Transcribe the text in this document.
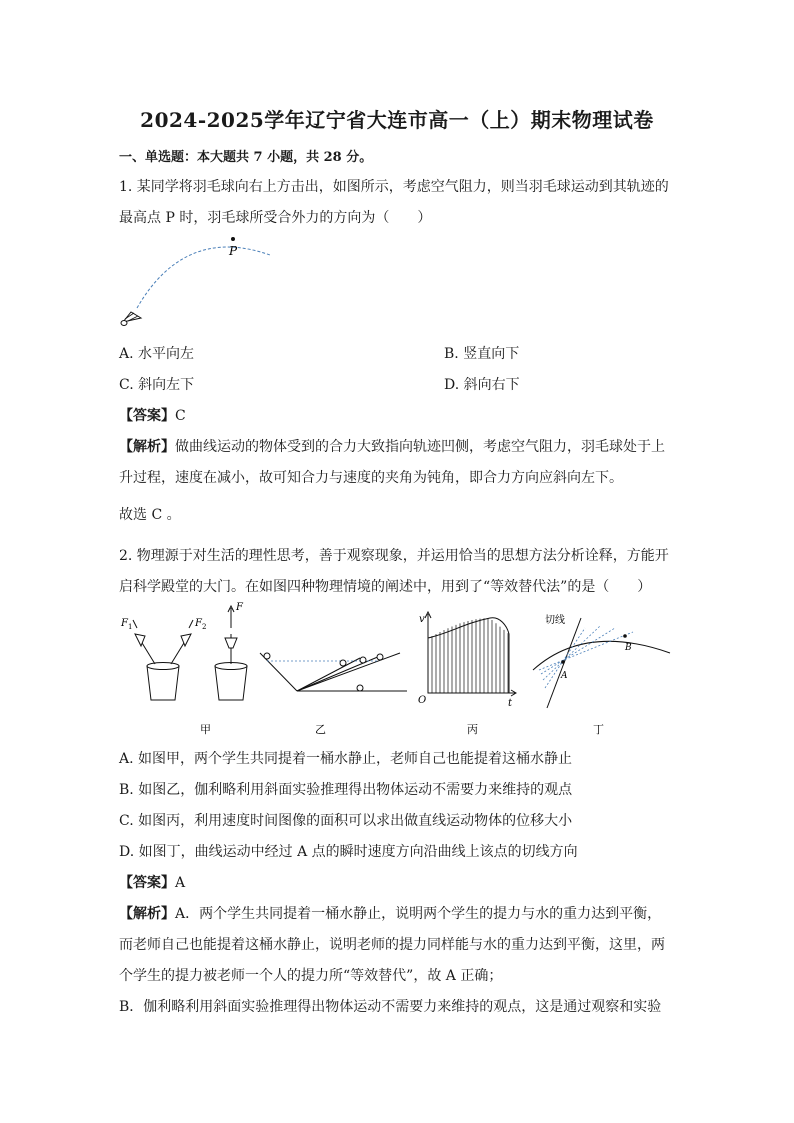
2024-2025学年辽宁省大连市高一（上）期末物理试卷
一、单选题：本大题共 7 小题，共 28 分。
1. 某同学将羽毛球向右上方击出，如图所示，考虑空气阻力，则当羽毛球运动到其轨迹的
最高点 P 时，羽毛球所受合外力的方向为（　　）
P
A. 水平向左	B. 竖直向下
C. 斜向左下	D. 斜向右下
【答案】C
【解析】做曲线运动的物体受到的合力大致指向轨迹凹侧，考虑空气阻力，羽毛球处于上
升过程，速度在减小，故可知合力与速度的夹角为钝角，即合力方向应斜向左下。
故选 C 。
2. 物理源于对生活的理性思考，善于观察现象，并运用恰当的思想方法分析诠释，方能开
启科学殿堂的大门。在如图四种物理情境的阐述中，用到了“等效替代法”的是（　　）
F 1	F 2
F
甲	乙
v
t
O
丙
A
B
切线
丁
A. 如图甲，两个学生共同提着一桶水静止，老师自己也能提着这桶水静止
B. 如图乙，伽利略利用斜面实验推理得出物体运动不需要力来维持的观点
C. 如图丙，利用速度时间图像的面积可以求出做直线运动物体的位移大小
D. 如图丁，曲线运动中经过 A 点的瞬时速度方向沿曲线上该点的切线方向
【答案】A
【解析】A．两个学生共同提着一桶水静止，说明两个学生的提力与水的重力达到平衡，
而老师自己也能提着这桶水静止，说明老师的提力同样能与水的重力达到平衡，这里，两
个学生的提力被老师一个人的提力所“等效替代”，故 A 正确；
B．伽利略利用斜面实验推理得出物体运动不需要力来维持的观点，这是通过观察和实验
